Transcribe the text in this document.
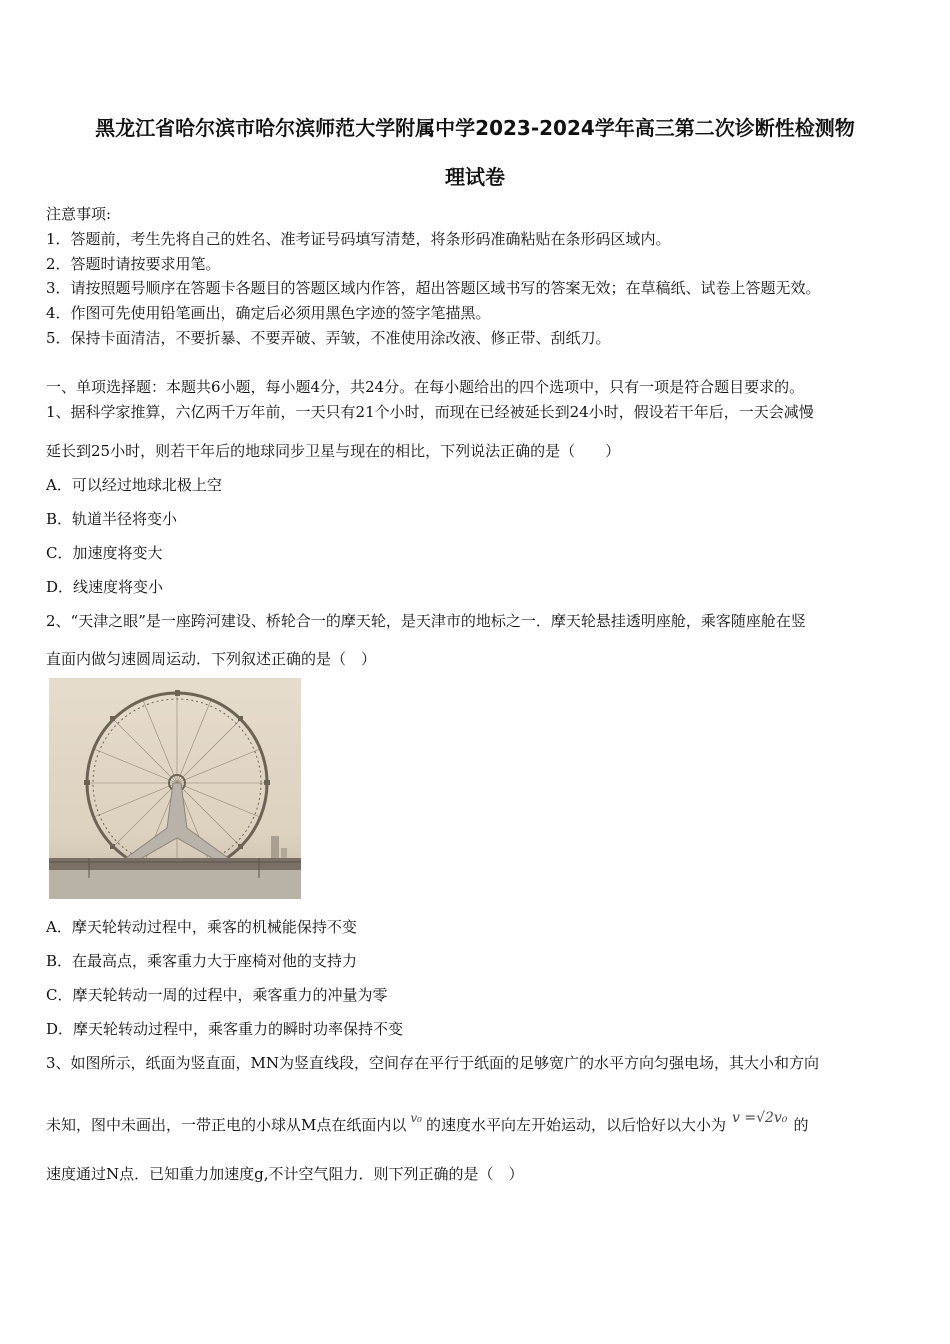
黑龙江省哈尔滨市哈尔滨师范大学附属中学2023-2024学年高三第二次诊断性检测物
理试卷
注意事项:
1．答题前，考生先将自己的姓名、准考证号码填写清楚，将条形码准确粘贴在条形码区域内。
2．答题时请按要求用笔。
3．请按照题号顺序在答题卡各题目的答题区域内作答，超出答题区域书写的答案无效；在草稿纸、试卷上答题无效。
4．作图可先使用铅笔画出，确定后必须用黑色字迹的签字笔描黑。
5．保持卡面清洁，不要折暴、不要弄破、弄皱，不准使用涂改液、修正带、刮纸刀。
一、单项选择题：本题共6小题，每小题4分，共24分。在每小题给出的四个选项中，只有一项是符合题目要求的。
1、据科学家推算，六亿两千万年前，一天只有21个小时，而现在已经被延长到24小时，假设若干年后，一天会减慢
延长到25小时，则若干年后的地球同步卫星与现在的相比，下列说法正确的是（　　）
A．可以经过地球北极上空
B．轨道半径将变小
C．加速度将变大
D．线速度将变小
2、“天津之眼”是一座跨河建设、桥轮合一的摩天轮，是天津市的地标之一．摩天轮悬挂透明座舱，乘客随座舱在竖
直面内做匀速圆周运动．下列叙述正确的是（　）
A．摩天轮转动过程中，乘客的机械能保持不变
B．在最高点，乘客重力大于座椅对他的支持力
C．摩天轮转动一周的过程中，乘客重力的冲量为零
D．摩天轮转动过程中，乘客重力的瞬时功率保持不变
3、如图所示，纸面为竖直面，MN为竖直线段，空间存在平行于纸面的足够宽广的水平方向匀强电场，其大小和方向
未知，图中未画出，一带正电的小球从M点在纸面内以 $^{v_0}$ 的速度水平向左开始运动，以后恰好以大小为 v =√2v₀ 的
速度通过N点．已知重力加速度g,不计空气阻力．则下列正确的是（　）
